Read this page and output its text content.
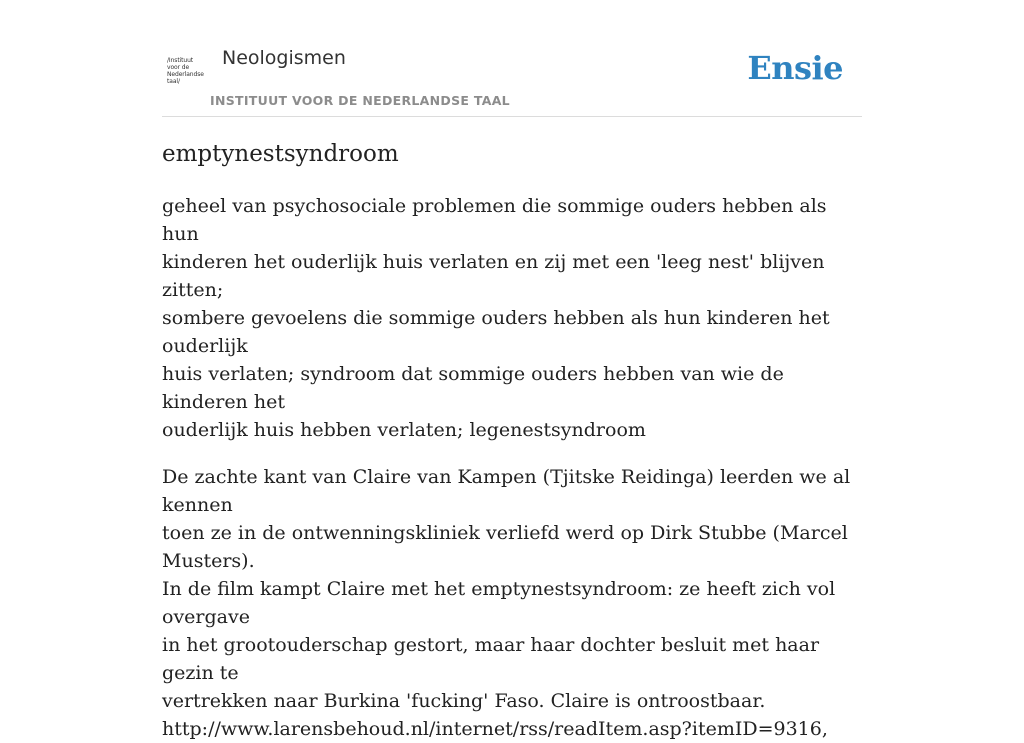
/Instituut
voor de
Nederlandse
taal/
Neologismen
INSTITUUT VOOR DE NEDERLANDSE TAAL
Ensie
emptynestsyndroom

geheel van psychosociale problemen die sommige ouders hebben als hun
kinderen het ouderlijk huis verlaten en zij met een 'leeg nest' blijven zitten;
sombere gevoelens die sommige ouders hebben als hun kinderen het ouderlijk
huis verlaten; syndroom dat sommige ouders hebben van wie de kinderen het
ouderlijk huis hebben verlaten; legenestsyndroom

De zachte kant van Claire van Kampen (Tjitske Reidinga) leerden we al kennen
toen ze in de ontwenningskliniek verliefd werd op Dirk Stubbe (Marcel Musters).
In de film kampt Claire met het emptynestsyndroom: ze heeft zich vol overgave
in het grootouderschap gestort, maar haar dochter besluit met haar gezin te
vertrekken naar Burkina 'fucking' Faso. Claire is ontroostbaar.
http://www.larensbehoud.nl/internet/rss/readItem.asp?itemID=9316,
